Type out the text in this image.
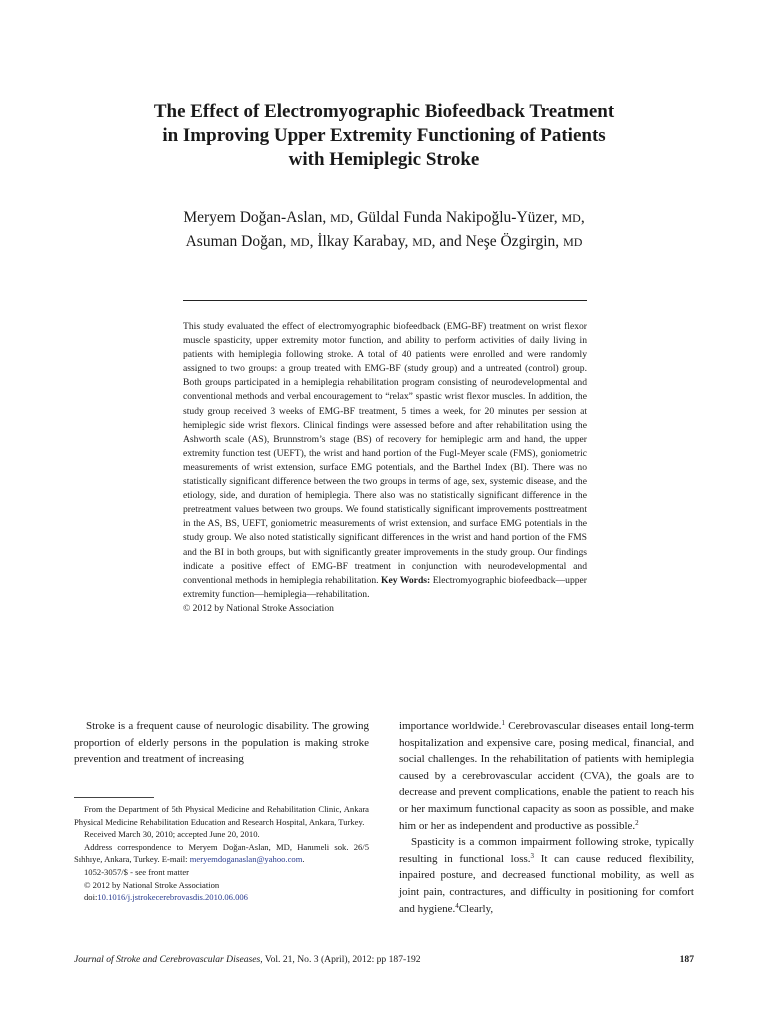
The Effect of Electromyographic Biofeedback Treatment
in Improving Upper Extremity Functioning of Patients
with Hemiplegic Stroke
Meryem Doğan-Aslan, MD, Güldal Funda Nakipoğlu-Yüzer, MD,
Asuman Doğan, MD, İlkay Karabay, MD, and Neşe Özgirgin, MD

This study evaluated the effect of electromyographic biofeedback (EMG-BF) treatment on wrist flexor muscle spasticity, upper extremity motor function, and ability to perform activities of daily living in patients with hemiplegia following stroke. A total of 40 patients were enrolled and were randomly assigned to two groups: a group treated with EMG-BF (study group) and a untreated (control) group. Both groups participated in a hemiplegia rehabilitation program consisting of neurodevelopmental and conventional methods and verbal encouragement to “relax” spastic wrist flexor muscles. In addition, the study group received 3 weeks of EMG-BF treatment, 5 times a week, for 20 minutes per session at hemiplegic side wrist flexors. Clinical findings were assessed before and after rehabilitation using the Ashworth scale (AS), Brunnstrom’s stage (BS) of recovery for hemiplegic arm and hand, the upper extremity function test (UEFT), the wrist and hand portion of the Fugl-Meyer scale (FMS), goniometric measurements of wrist extension, surface EMG potentials, and the Barthel Index (BI). There was no statistically significant difference between the two groups in terms of age, sex, systemic disease, and the etiology, side, and duration of hemiplegia. There also was no statistically significant difference in the pretreatment values between two groups. We found statistically significant improvements posttreatment in the AS, BS, UEFT, goniometric measurements of wrist extension, and surface EMG potentials in the study group. We also noted statistically significant differences in the wrist and hand portion of the FMS and the BI in both groups, but with significantly greater improvements in the study group. Our findings indicate a positive effect of EMG-BF treatment in conjunction with neurodevelopmental and conventional methods in hemiplegia rehabilitation. Key Words: Electromyographic biofeedback—upper extremity function—hemiplegia—rehabilitation.

© 2012 by National Stroke Association

Stroke is a frequent cause of neurologic disability. The growing proportion of elderly persons in the population is making stroke prevention and treatment of increasing

From the Department of 5th Physical Medicine and Rehabilitation Clinic, Ankara Physical Medicine Rehabilitation Education and Research Hospital, Ankara, Turkey.

Received March 30, 2010; accepted June 20, 2010.

Address correspondence to Meryem Doğan-Aslan, MD, Hanımeli sok. 26/5 Sıhhıye, Ankara, Turkey. E-mail: meryemdoganaslan@yahoo.com.

1052-3057/$ - see front matter

© 2012 by National Stroke Association

doi:10.1016/j.jstrokecerebrovasdis.2010.06.006

importance worldwide.$^1$ Cerebrovascular diseases entail long-term hospitalization and expensive care, posing medical, financial, and social challenges. In the rehabilitation of patients with hemiplegia caused by a cerebrovascular accident (CVA), the goals are to decrease and prevent complications, enable the patient to reach his or her maximum functional capacity as soon as possible, and make him or her as independent and productive as possible.$^2$

Spasticity is a common impairment following stroke, typically resulting in functional loss.$^3$ It can cause reduced flexibility, inpaired posture, and decreased functional mobility, as well as joint pain, contractures, and difficulty in positioning for comfort and hygiene.$^4$Clearly,

Journal of Stroke and Cerebrovascular Diseases, Vol. 21, No. 3 (April), 2012: pp 187-192	187
